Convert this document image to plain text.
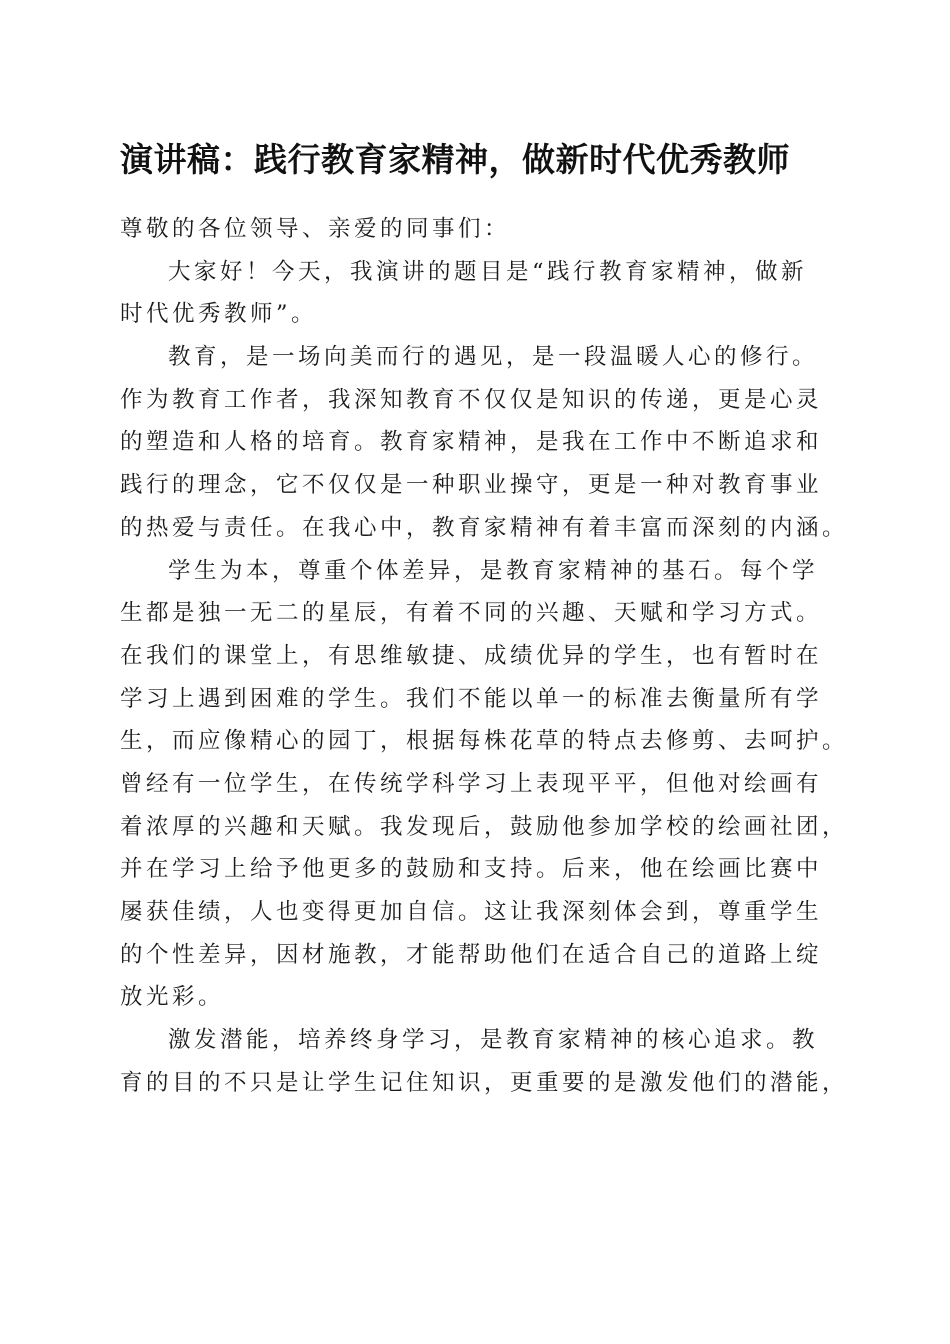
演讲稿：践行教育家精神，做新时代优秀教师
尊敬的各位领导、亲爱的同事们：
大家好！今天，我演讲的题目是“践行教育家精神，做新
时代优秀教师”。
教育，是一场向美而行的遇见，是一段温暖人心的修行。
作为教育工作者，我深知教育不仅仅是知识的传递，更是心灵
的塑造和人格的培育。教育家精神，是我在工作中不断追求和
践行的理念，它不仅仅是一种职业操守，更是一种对教育事业
的热爱与责任。在我心中，教育家精神有着丰富而深刻的内涵。
学生为本，尊重个体差异，是教育家精神的基石。每个学
生都是独一无二的星辰，有着不同的兴趣、天赋和学习方式。
在我们的课堂上，有思维敏捷、成绩优异的学生，也有暂时在
学习上遇到困难的学生。我们不能以单一的标准去衡量所有学
生，而应像精心的园丁，根据每株花草的特点去修剪、去呵护。
曾经有一位学生，在传统学科学习上表现平平，但他对绘画有
着浓厚的兴趣和天赋。我发现后，鼓励他参加学校的绘画社团，
并在学习上给予他更多的鼓励和支持。后来，他在绘画比赛中
屡获佳绩，人也变得更加自信。这让我深刻体会到，尊重学生
的个性差异，因材施教，才能帮助他们在适合自己的道路上绽
放光彩。
激发潜能，培养终身学习，是教育家精神的核心追求。教
育的目的不只是让学生记住知识，更重要的是激发他们的潜能，
